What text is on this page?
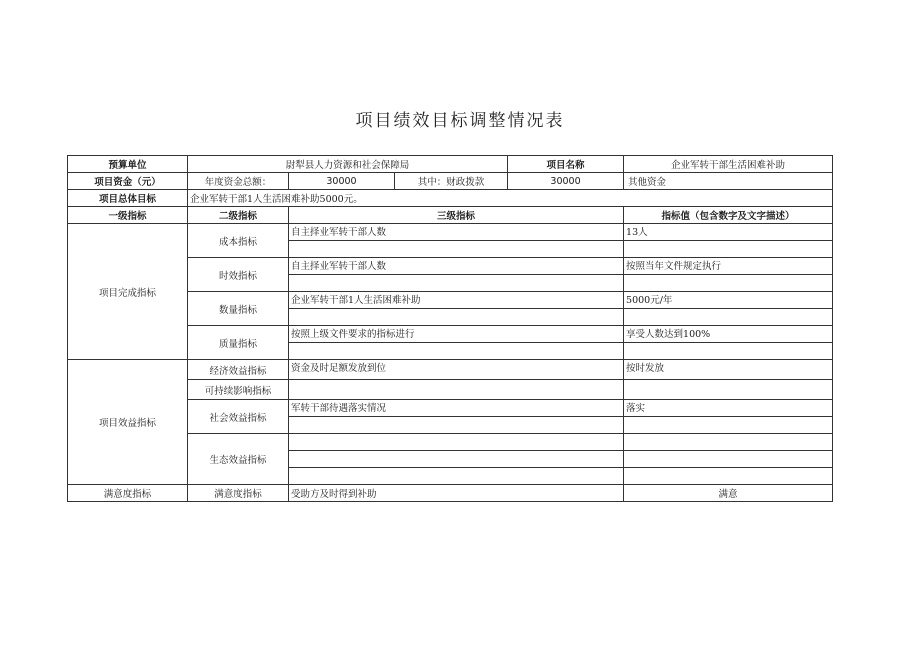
项目绩效目标调整情况表
预算单位	尉犁县人力资源和社会保障局			项目名称	企业军转干部生活困难补助
项目资金（元）	年度资金总额：	30000	其中：财政拨款	30000	其他资金
项目总体目标	企业军转干部1人生活困难补助5000元。				
一级指标	二级指标	三级指标			指标值（包含数字及文字描述）
项目完成指标	成本指标	自主择业军转干部人数			13人

	时效指标	自主择业军转干部人数			按照当年文件规定执行

	数量指标	企业军转干部1人生活困难补助			5000元/年

	质量指标	按照上级文件要求的指标进行			享受人数达到100%

项目效益指标	经济效益指标	资金及时足额发放到位			按时发放
	可持续影响指标				
	社会效益指标	军转干部待遇落实情况			落实

	生态效益指标				

满意度指标	满意度指标	受助方及时得到补助			满意
